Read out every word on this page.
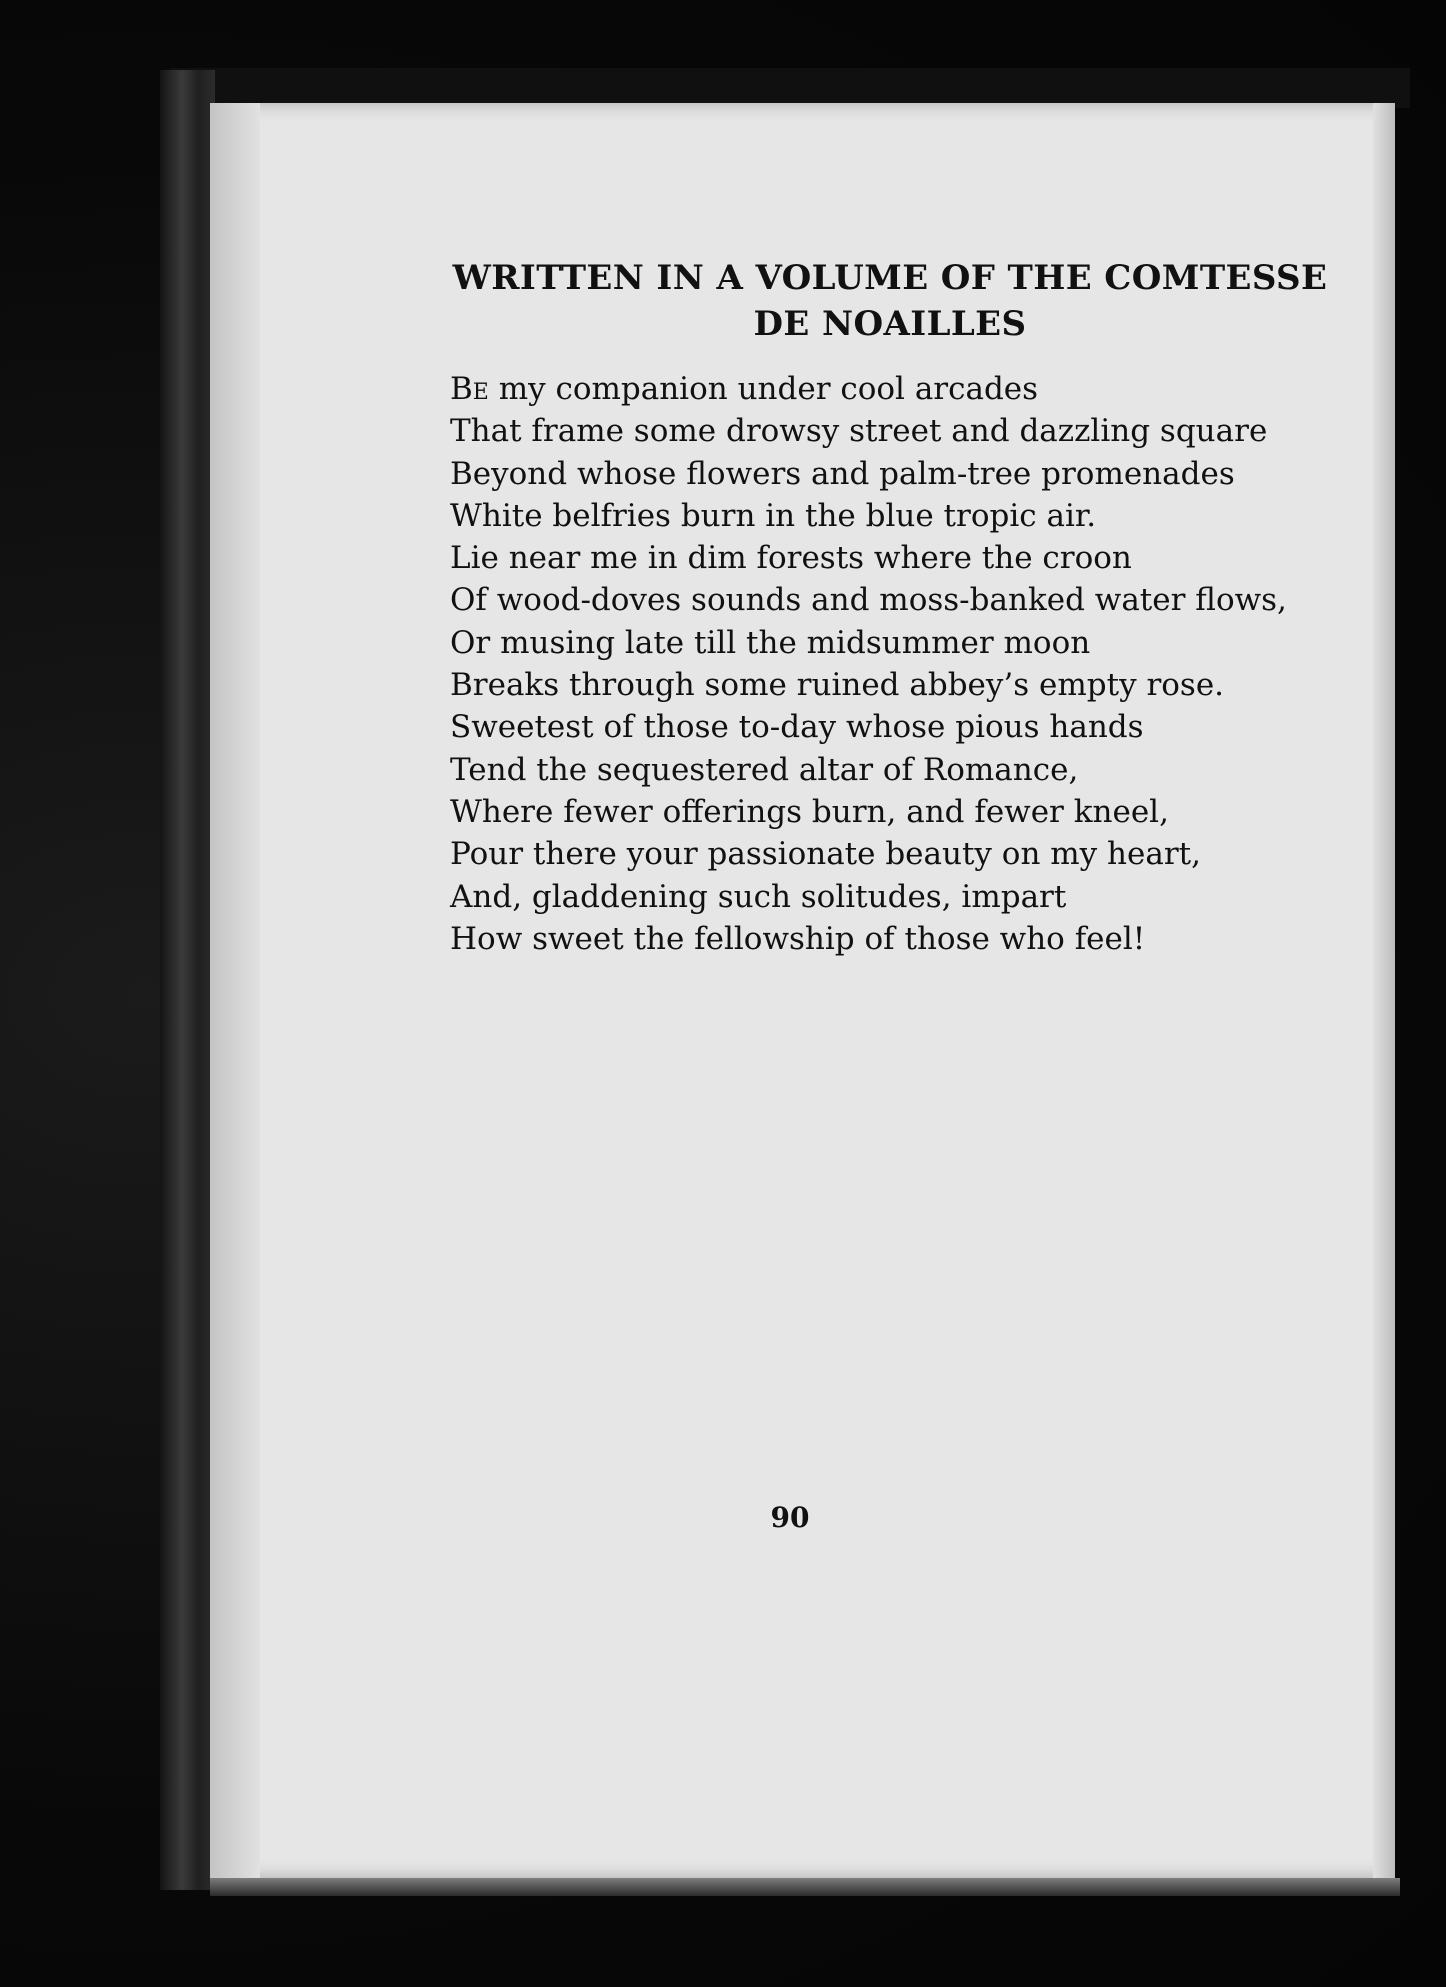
WRITTEN IN A VOLUME OF THE COMTESSE
DE NOAILLES
Be my companion under cool arcades
That frame some drowsy street and dazzling square
Beyond whose flowers and palm-tree promenades
White belfries burn in the blue tropic air.
Lie near me in dim forests where the croon
Of wood-doves sounds and moss-banked water flows,
Or musing late till the midsummer moon
Breaks through some ruined abbey’s empty rose.
Sweetest of those to-day whose pious hands
Tend the sequestered altar of Romance,
Where fewer offerings burn, and fewer kneel,
Pour there your passionate beauty on my heart,
And, gladdening such solitudes, impart
How sweet the fellowship of those who feel!
90
